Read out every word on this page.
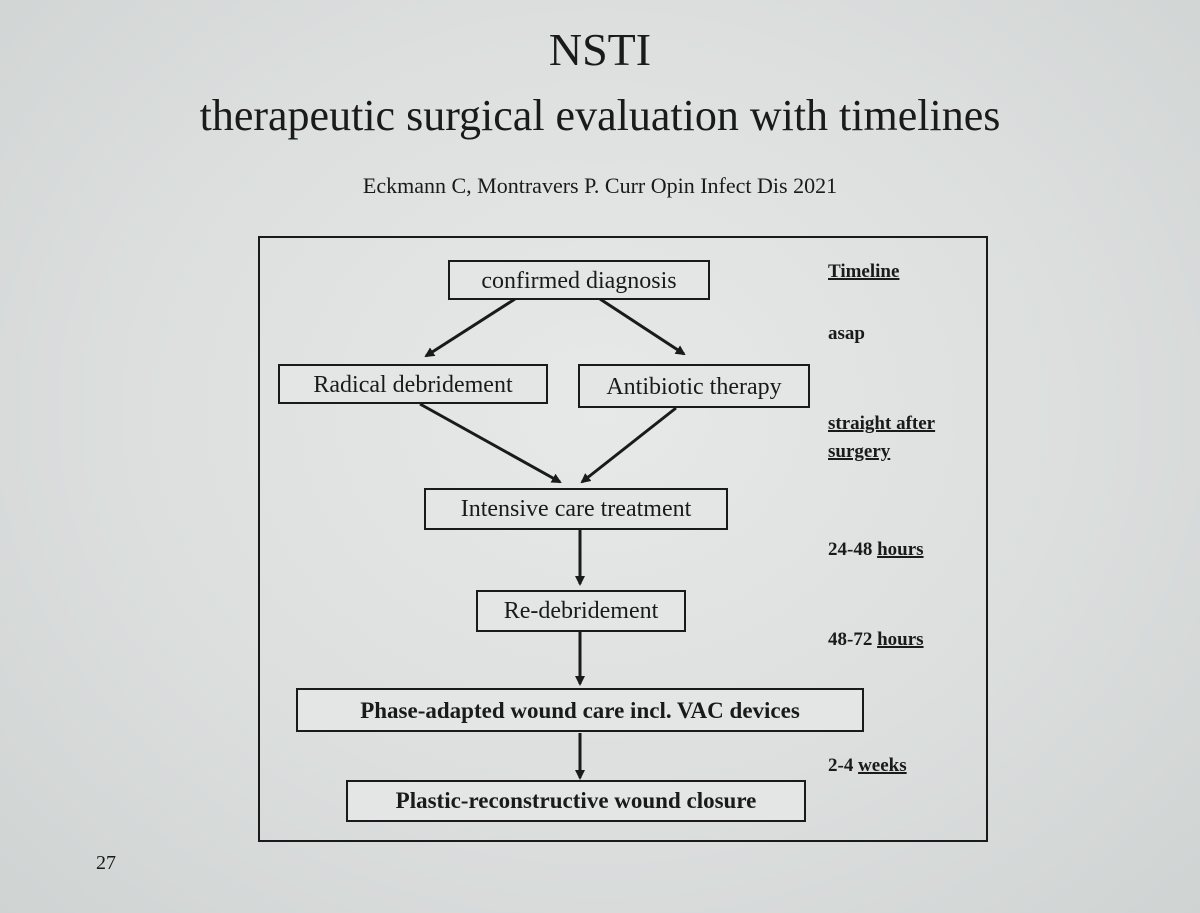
NSTI
therapeutic surgical evaluation with timelines
Eckmann C, Montravers P. Curr Opin Infect Dis 2021
confirmed diagnosis
Radical debridement	Antibiotic therapy
Intensive care treatment
Re-debridement
Phase-adapted wound care incl. VAC devices
Plastic-reconstructive wound closure
Timeline
asap
straight after
surgery
24-48 hours
48-72 hours
2-4 weeks
27
